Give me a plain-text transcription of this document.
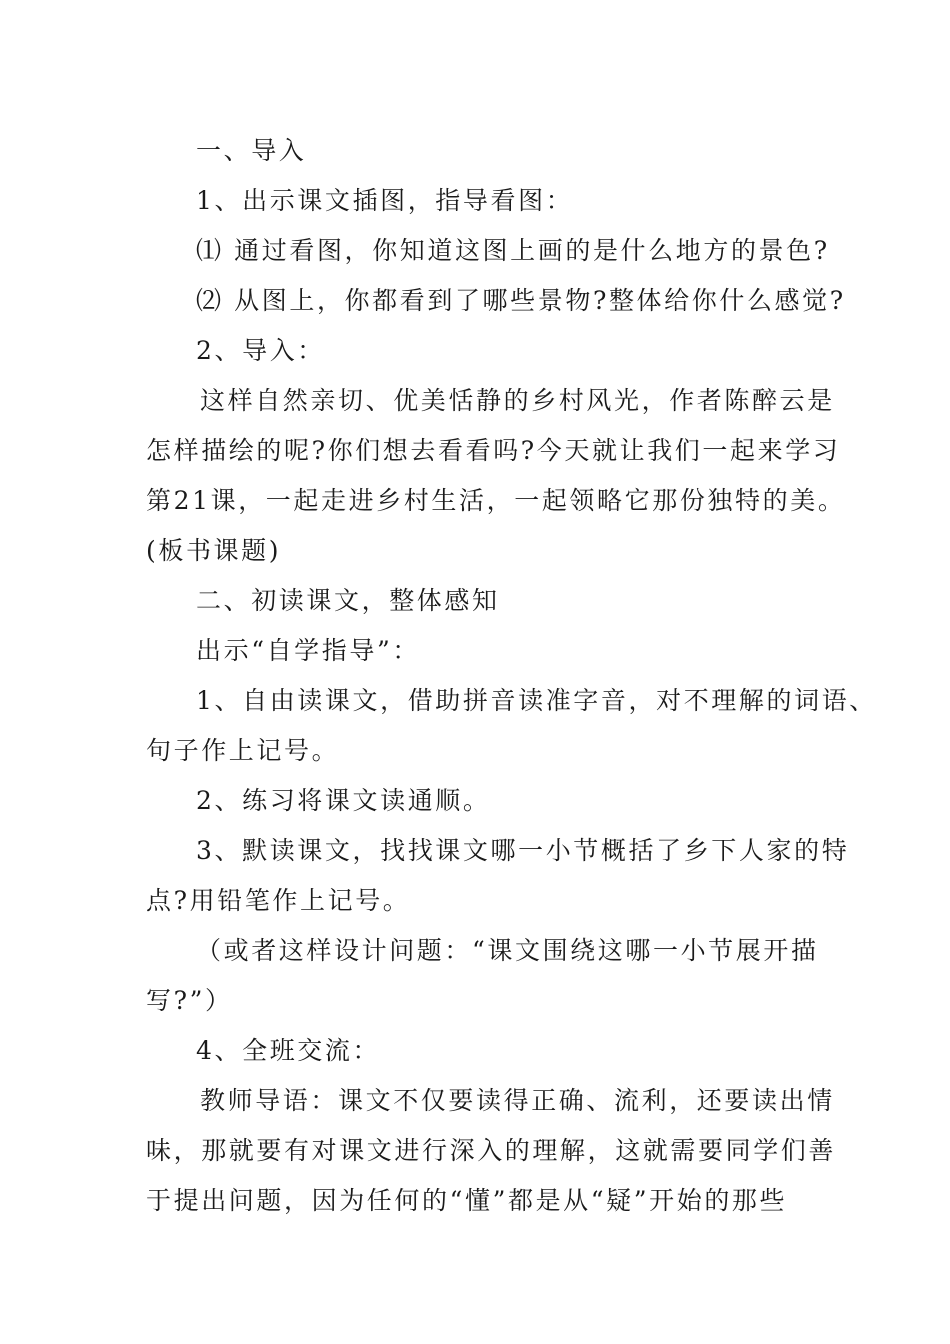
一、导入
1、出示课文插图，指导看图：
⑴ 通过看图，你知道这图上画的是什么地方的景色?
⑵ 从图上，你都看到了哪些景物?整体给你什么感觉?
2、导入：
这样自然亲切、优美恬静的乡村风光，作者陈醉云是
怎样描绘的呢?你们想去看看吗?今天就让我们一起来学习
第21课，一起走进乡村生活，一起领略它那份独特的美。
(板书课题)
二、初读课文，整体感知
出示“自学指导”：
1、自由读课文，借助拼音读准字音，对不理解的词语、
句子作上记号。
2、练习将课文读通顺。
3、默读课文，找找课文哪一小节概括了乡下人家的特
点?用铅笔作上记号。
（或者这样设计问题：“课文围绕这哪一小节展开描
写?”）
4、全班交流：
教师导语：课文不仅要读得正确、流利，还要读出情
味，那就要有对课文进行深入的理解，这就需要同学们善
于提出问题，因为任何的“懂”都是从“疑”开始的那些
